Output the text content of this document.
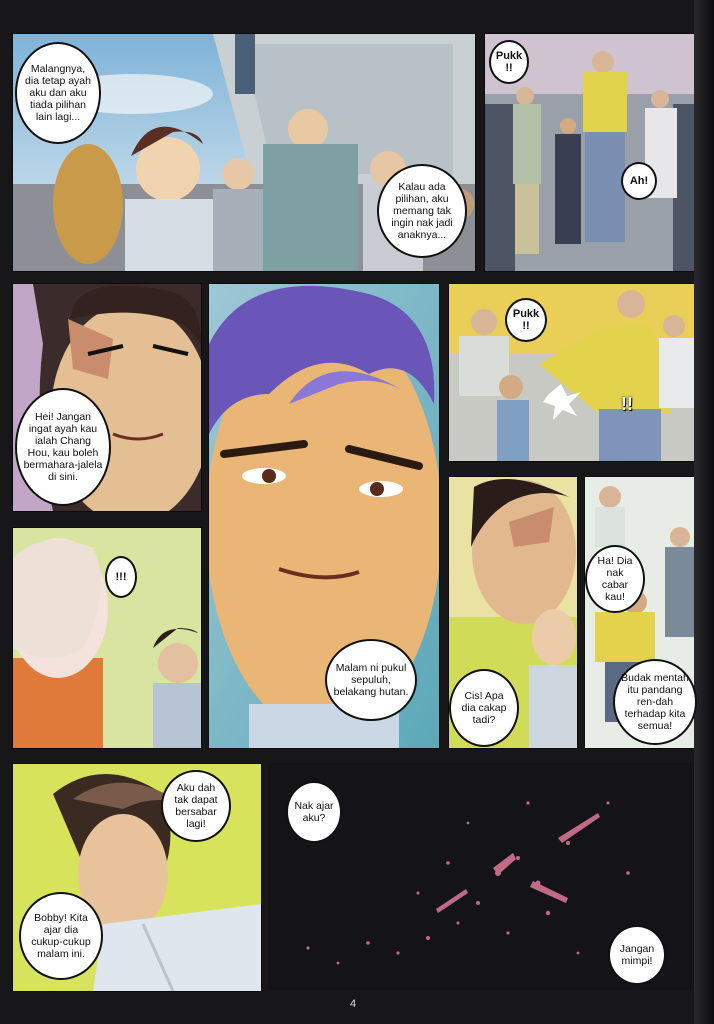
Malangnya, dia tetap ayah aku dan aku tiada pilihan lain lagi...
Kalau ada pilihan, aku memang tak ingin nak jadi anaknya...
Pukk !!
Ah!
Hei! Jangan ingat ayah kau ialah Chang Hou, kau boleh bermahara-jalela di sini.
Malam ni pukul sepuluh, belakang hutan.
Pukk !!
!!
!!!
Cis! Apa dia cakap tadi?
Ha! Dia nak cabar kau!
Budak mentah itu pandang ren-dah terhadap kita semua!
Aku dah tak dapat bersabar lagi!
Bobby! Kita ajar dia cukup-cukup malam ini.
Nak ajar aku?
Jangan mimpi!
4
